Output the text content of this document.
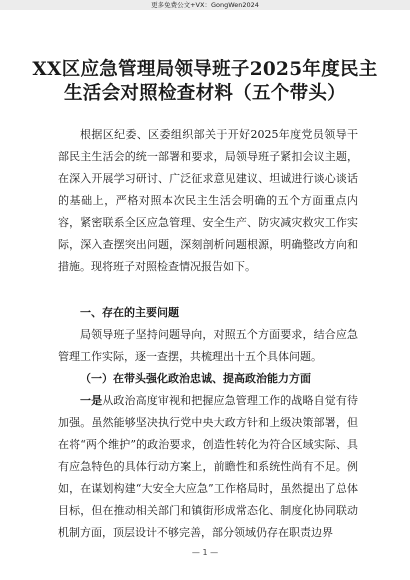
更多免费公文+VX：GongWen2024
XX区应急管理局领导班子2025年度民主
生活会对照检查材料（五个带头）
根据区纪委、区委组织部关于开好2025年度党员领导干部民主生活会的统一部署和要求，局领导班子紧扣会议主题，在深入开展学习研讨、广泛征求意见建议、坦诚进行谈心谈话的基础上，严格对照本次民主生活会明确的五个方面重点内容，紧密联系全区应急管理、安全生产、防灾减灾救灾工作实际，深入查摆突出问题，深刻剖析问题根源，明确整改方向和措施。现将班子对照检查情况报告如下。
一、存在的主要问题
局领导班子坚持问题导向，对照五个方面要求，结合应急管理工作实际，逐一查摆，共梳理出十五个具体问题。
（一）在带头强化政治忠诚、提高政治能力方面
一是从政治高度审视和把握应急管理工作的战略自觉有待加强。虽然能够坚决执行党中央大政方针和上级决策部署，但在将“两个维护”的政治要求，创造性转化为符合区域实际、具有应急特色的具体行动方案上，前瞻性和系统性尚有不足。例如，在谋划构建“大安全大应急”工作格局时，虽然提出了总体目标，但在推动相关部门和镇街形成常态化、制度化协同联动机制方面，顶层设计不够完善，部分领域仍存在职责边界
— 1 —
